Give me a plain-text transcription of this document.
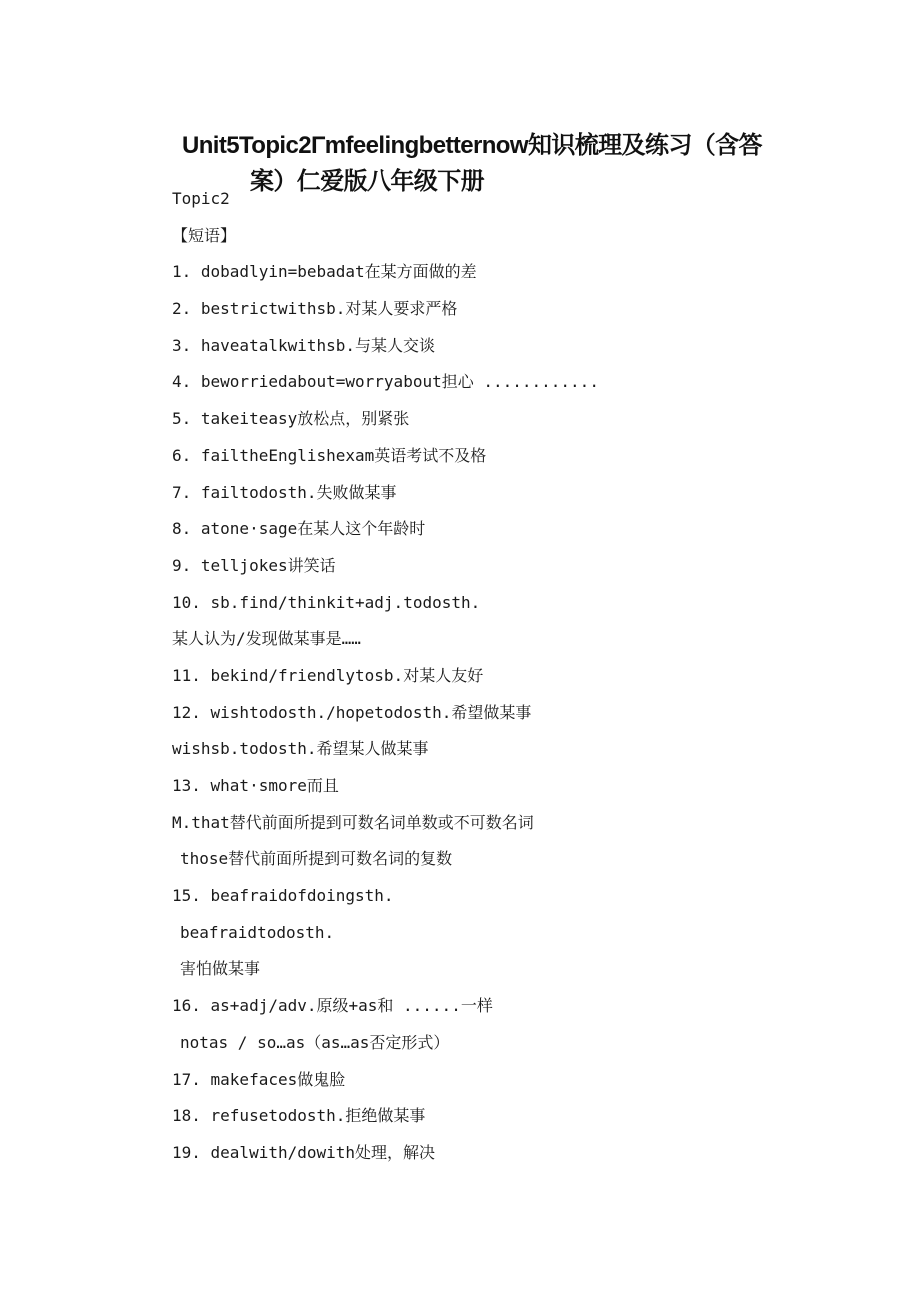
Unit5Topic2Γmfeelingbetternow知识梳理及练习（含答
案）仁爱版八年级下册
Topic2
【短语】
1. dobadlyin=bebadat在某方面做的差
2. bestrictwithsb.对某人要求严格
3. haveatalkwithsb.与某人交谈
4. beworriedabout=worryabout担心 ............
5. takeiteasy放松点，别紧张
6. failtheEnglishexam英语考试不及格
7. failtodosth.失败做某事
8. atone·sage在某人这个年龄时
9. telljokes讲笑话
10. sb.find/thinkit+adj.todosth.
某人认为/发现做某事是……
11. bekind/friendlytosb.对某人友好
12. wishtodosth./hopetodosth.希望做某事
wishsb.todosth.希望某人做某事
13. what·smore而且
M.that替代前面所提到可数名词单数或不可数名词
those替代前面所提到可数名词的复数
15. beafraidofdoingsth.
beafraidtodosth.
害怕做某事
16. as+adj/adv.原级+as和 ......一样
notas / so…as（as…as否定形式）
17. makefaces做鬼脸
18. refusetodosth.拒绝做某事
19. dealwith/dowith处理，解决
